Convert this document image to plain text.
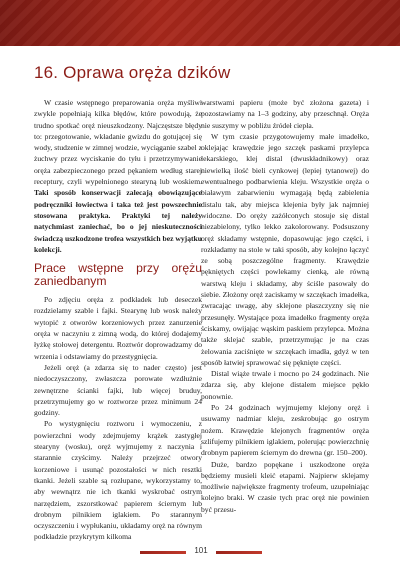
16. Oprawa oręża dzików

W czasie wstępnego preparowania oręża myśliwi zwykle popełniają kilka błędów, które powodują, że trudno spotkać oręż nieuszkodzony. Najczęstsze błędy to: przegotowanie, wkładanie gwizdu do gotującej się wody, studzenie w zimnej wodzie, wyciąganie szabel z żuchwy przez wyciskanie do tyłu i przetrzymywanie oręża zabezpieczonego przed pękaniem według starej receptury, czyli wypełnionego stearyną lub woskiem. Taki sposób konserwacji zalecają obowiązujące podręczniki łowiectwa i taka też jest powszechnie stosowana praktyka. Praktyki tej należy natychmiast zaniechać, bo o jej nieskuteczności świadczą uszkodzone trofea wszystkich bez wyjątku kolekcji.

Prace wstępne przy orężu zaniedbanym

Po zdjęciu oręża z podkładek lub deseczek rozdzielamy szable i fajki. Stearynę lub wosk należy wytopić z otworów korzeniowych przez zanurzenie oręża w naczyniu z zimną wodą, do której dodajemy łyżkę stołowej detergentu. Roztwór doprowadzamy do wrzenia i odstawiamy do przestygnięcia.

Jeżeli oręż (a zdarza się to nader często) jest niedoczyszczony, zwłaszcza porowate wzdłużnie zewnętrzne ścianki fajki, lub więcej bruduy, przetrzymujemy go w roztworze przez minimum 24 godziny.

Po wystygnięciu roztworu i wymoczeniu, z powierzchni wody zdejmujemy krążek zastygłej stearyny (wosku), oręż wyjmujemy z naczynia i starannie czyścimy. Należy przejrzeć otwory korzeniowe i usunąć pozostałości w nich resztki tkanki. Jeżeli szable są rozłupane, wykorzystamy to, aby wewnątrz nie ich tkanki wyskrobać ostrym narzędziem, zszorstkować papierem ściernym lub drobnym pilnikiem iglakiem. Po starannym oczyszczeniu i wypłukaniu, układamy oręż na równym podkładzie przykrytym kilkoma

warstwami papieru (może być złożona gazeta) i pozostawiamy na 1–3 godziny, aby przeschnął. Oręża nie suszymy w pobliżu źródeł ciepła.

W tym czasie przygotowujemy małe imadełko, oklejając krawędzie jego szczęk paskami przylepca lekarskiego, klej distal (dwuskładnikowy) oraz niewielką ilość bieli cynkowej (lepiej tytanowej) do ewentualnego podbarwienia kleju. Wszystkie oręża o białawym zabarwieniu wymagają będą zabielenia distalu tak, aby miejsca klejenia były jak najmniej widoczne. Do oręży zażółconych stosuje się distal niezabielony, tylko lekko zakolorowany. Podsuszony oręż składamy wstępnie, dopasowując jego części, i rozkładamy na stole w taki sposób, aby kolejno łączyć ze sobą poszczególne fragmenty. Krawędzie pękniętych części powlekamy cienką, ale równą warstwą kleju i składamy, aby ściśle pasowały do siebie. Złożony oręż zaciskamy w szczękach imadełka, zwracając uwagę, aby sklejone płaszczyzny się nie przesunęły. Wystające poza imadełko fragmenty oręża ściskamy, owijając wąskim paskiem przylepca. Można także sklejać szable, przetrzymując je na czas żelowania zaciśnięte w szczękach imadła, gdyż w ten sposób łatwiej sprawować się pęknięte części.

Distal wiąże trwale i mocno po 24 godzinach. Nie zdarza się, aby klejone distalem miejsce pękło ponownie.

Po 24 godzinach wyjmujemy klejony oręż i usuwamy nadmiar kleju, zeskrobując go ostrym nożem. Krawędzie klejonych fragmentów oręża szlifujemy pilnikiem iglakiem, polerując powierzchnię drobnym papierem ściernym do drewna (gr. 150–200).

Duże, bardzo popękane i uszkodzone oręża będziemy musieli kleić etapami. Najpierw sklejamy możliwie największe fragmenty trofeum, uzupełniając kolejno braki. W czasie tych prac oręż nie powinien być przesu-

101
